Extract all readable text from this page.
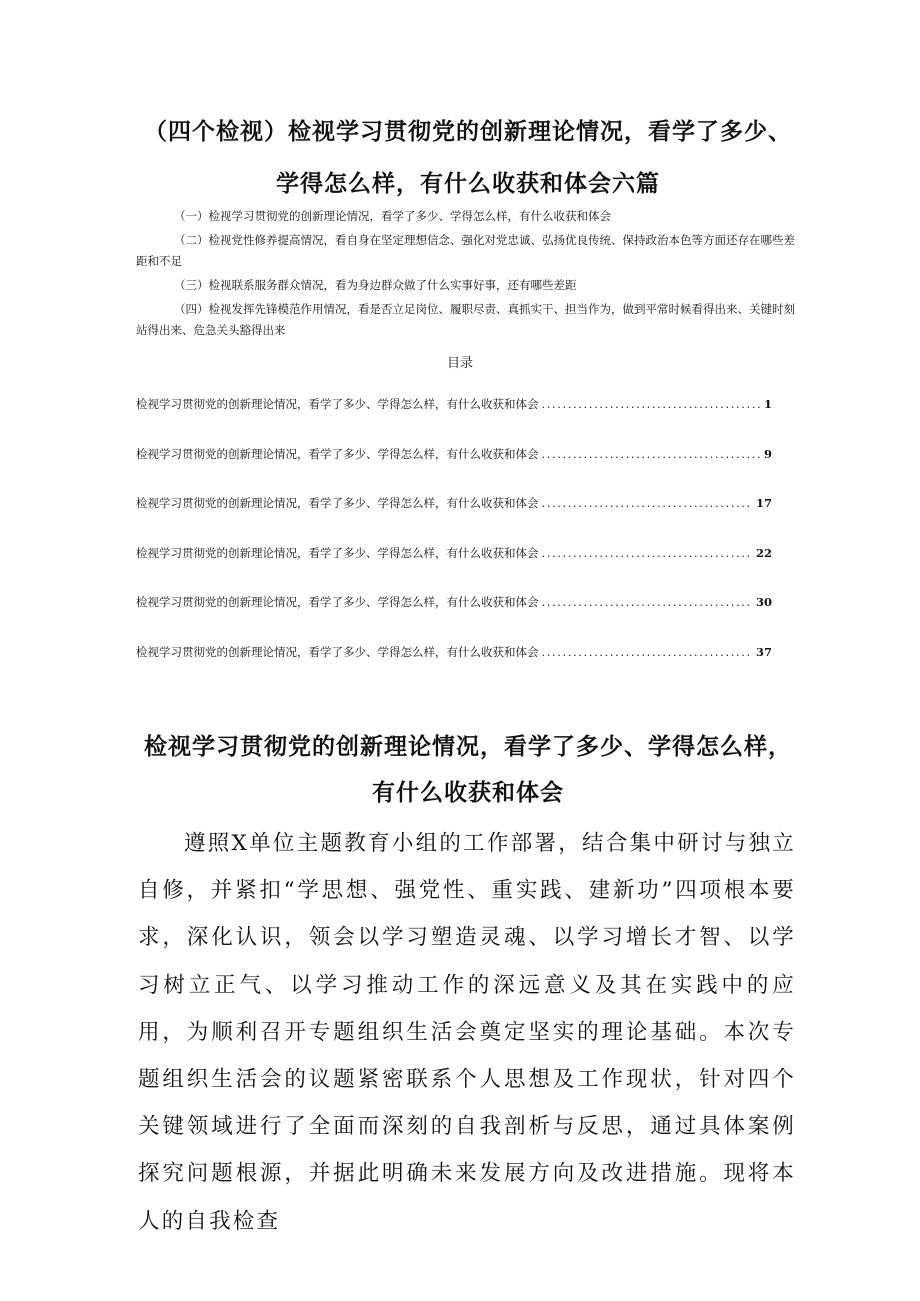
（四个检视）检视学习贯彻党的创新理论情况，看学了多少、学得怎么样，有什么收获和体会六篇

（一）检视学习贯彻党的创新理论情况，看学了多少、学得怎么样，有什么收获和体会

（二）检视党性修养提高情况，看自身在坚定理想信念、强化对党忠诚、弘扬优良传统、保持政治本色等方面还存在哪些差距和不足

（三）检视联系服务群众情况，看为身边群众做了什么实事好事，还有哪些差距

（四）检视发挥先锋模范作用情况，看是否立足岗位、履职尽责、真抓实干、担当作为，做到平常时候看得出来、关键时刻站得出来、危急关头豁得出来

目录
检视学习贯彻党的创新理论情况，看学了多少、学得怎么样，有什么收获和体会 .....	1
检视学习贯彻党的创新理论情况，看学了多少、学得怎么样，有什么收获和体会 .....	9
检视学习贯彻党的创新理论情况，看学了多少、学得怎么样，有什么收获和体会 .....	17
检视学习贯彻党的创新理论情况，看学了多少、学得怎么样，有什么收获和体会 .....	22
检视学习贯彻党的创新理论情况，看学了多少、学得怎么样，有什么收获和体会 .....	30
检视学习贯彻党的创新理论情况，看学了多少、学得怎么样，有什么收获和体会 .....	37
检视学习贯彻党的创新理论情况，看学了多少、学得怎么样，有什么收获和体会

遵照X单位主题教育小组的工作部署，结合集中研讨与独立自修，并紧扣“学思想、强党性、重实践、建新功”四项根本要求，深化认识，领会以学习塑造灵魂、以学习增长才智、以学习树立正气、以学习推动工作的深远意义及其在实践中的应用，为顺利召开专题组织生活会奠定坚实的理论基础。本次专题组织生活会的议题紧密联系个人思想及工作现状，针对四个关键领域进行了全面而深刻的自我剖析与反思，通过具体案例探究问题根源，并据此明确未来发展方向及改进措施。现将本人的自我检查
